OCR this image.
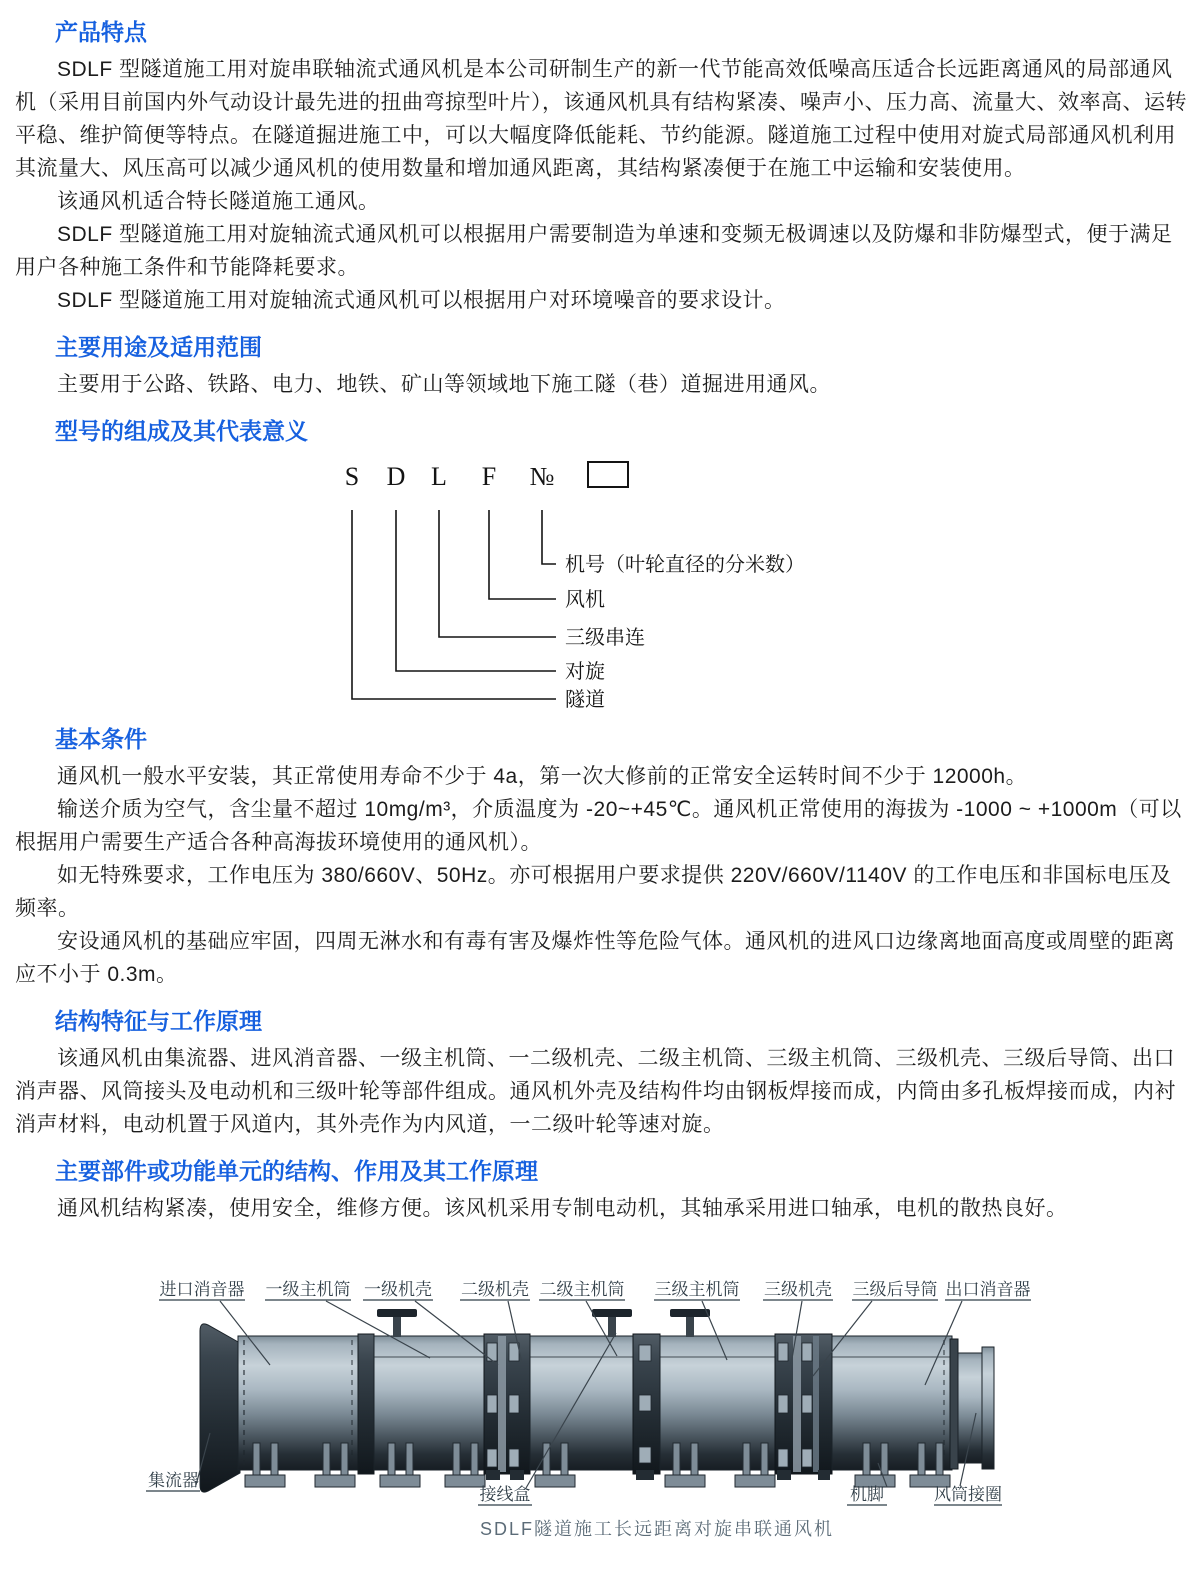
产品特点

SDLF 型隧道施工用对旋串联轴流式通风机是本公司研制生产的新一代节能高效低噪高压适合长远距离通风的局部通风机（采用目前国内外气动设计最先进的扭曲弯掠型叶片），该通风机具有结构紧凑、噪声小、压力高、流量大、效率高、运转平稳、维护简便等特点。在隧道掘进施工中，可以大幅度降低能耗、节约能源。隧道施工过程中使用对旋式局部通风机利用其流量大、风压高可以减少通风机的使用数量和增加通风距离，其结构紧凑便于在施工中运输和安装使用。

该通风机适合特长隧道施工通风。

SDLF 型隧道施工用对旋轴流式通风机可以根据用户需要制造为单速和变频无极调速以及防爆和非防爆型式，便于满足用户各种施工条件和节能降耗要求。

SDLF 型隧道施工用对旋轴流式通风机可以根据用户对环境噪音的要求设计。

主要用途及适用范围

主要用于公路、铁路、电力、地铁、矿山等领域地下施工隧（巷）道掘进用通风。

型号的组成及其代表意义
S D L F №
机号（叶轮直径的分米数）
风机
三级串连
对旋
隧道
基本条件

通风机一般水平安装，其正常使用寿命不少于 4a，第一次大修前的正常安全运转时间不少于 12000h。

输送介质为空气，含尘量不超过 10mg/m³，介质温度为 -20~+45℃。通风机正常使用的海拔为 -1000 ~ +1000m（可以根据用户需要生产适合各种高海拔环境使用的通风机）。

如无特殊要求，工作电压为 380/660V、50Hz。亦可根据用户要求提供 220V/660V/1140V 的工作电压和非国标电压及频率。

安设通风机的基础应牢固，四周无淋水和有毒有害及爆炸性等危险气体。通风机的进风口边缘离地面高度或周壁的距离应不小于 0.3m。

结构特征与工作原理

该通风机由集流器、进风消音器、一级主机筒、一二级机壳、二级主机筒、三级主机筒、三级机壳、三级后导筒、出口消声器、风筒接头及电动机和三级叶轮等部件组成。通风机外壳及结构件均由钢板焊接而成，内筒由多孔板焊接而成，内衬消声材料，电动机置于风道内，其外壳作为内风道，一二级叶轮等速对旋。

主要部件或功能单元的结构、作用及其工作原理

通风机结构紧凑，使用安全，维修方便。该风机采用专制电动机，其轴承采用进口轴承，电机的散热良好。

进口消音器 一级主机筒 一级机壳 二级机壳 二级主机筒 三级主机筒 三级机壳 三级后导筒 出口消音器
集流器
接线盒	机脚	风筒接圈
SDLF隧道施工长远距离对旋串联通风机
